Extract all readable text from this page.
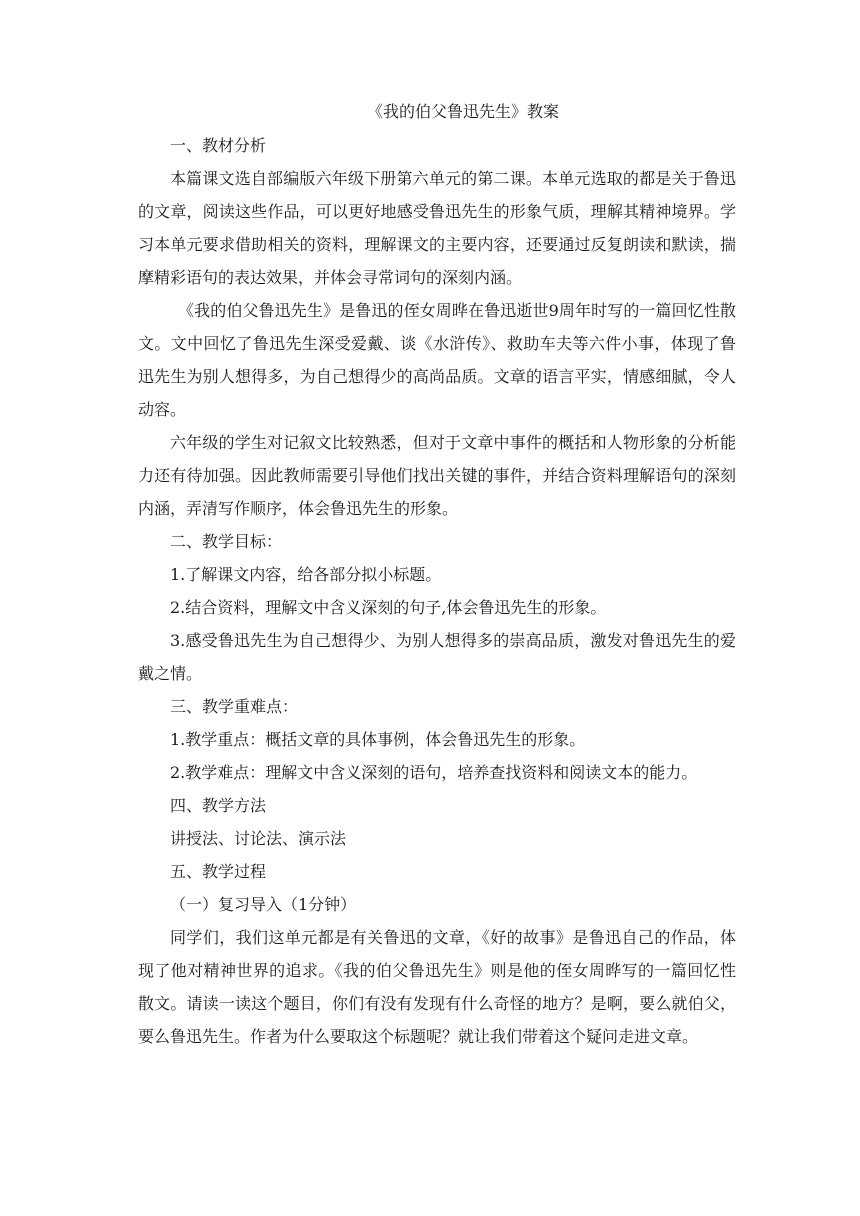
《我的伯父鲁迅先生》教案

一、教材分析

本篇课文选自部编版六年级下册第六单元的第二课。本单元选取的都是关于鲁迅的文章，阅读这些作品，可以更好地感受鲁迅先生的形象气质，理解其精神境界。学习本单元要求借助相关的资料，理解课文的主要内容，还要通过反复朗读和默读，揣摩精彩语句的表达效果，并体会寻常词句的深刻内涵。

《我的伯父鲁迅先生》是鲁迅的侄女周晔在鲁迅逝世9周年时写的一篇回忆性散文。文中回忆了鲁迅先生深受爱戴、谈《水浒传》、救助车夫等六件小事，体现了鲁迅先生为别人想得多，为自己想得少的高尚品质。文章的语言平实，情感细腻，令人动容。

六年级的学生对记叙文比较熟悉，但对于文章中事件的概括和人物形象的分析能力还有待加强。因此教师需要引导他们找出关键的事件，并结合资料理解语句的深刻内涵，弄清写作顺序，体会鲁迅先生的形象。

二、教学目标：

1.了解课文内容，给各部分拟小标题。

2.结合资料，理解文中含义深刻的句子,体会鲁迅先生的形象。

3.感受鲁迅先生为自己想得少、为别人想得多的崇高品质，激发对鲁迅先生的爱戴之情。

三、教学重难点：

1.教学重点：概括文章的具体事例，体会鲁迅先生的形象。

2.教学难点：理解文中含义深刻的语句，培养查找资料和阅读文本的能力。

四、教学方法

讲授法、讨论法、演示法

五、教学过程

（一）复习导入（1分钟）

同学们，我们这单元都是有关鲁迅的文章，《好的故事》是鲁迅自己的作品，体现了他对精神世界的追求。《我的伯父鲁迅先生》则是他的侄女周晔写的一篇回忆性散文。请读一读这个题目，你们有没有发现有什么奇怪的地方？是啊，要么就伯父，要么鲁迅先生。作者为什么要取这个标题呢？就让我们带着这个疑问走进文章。
